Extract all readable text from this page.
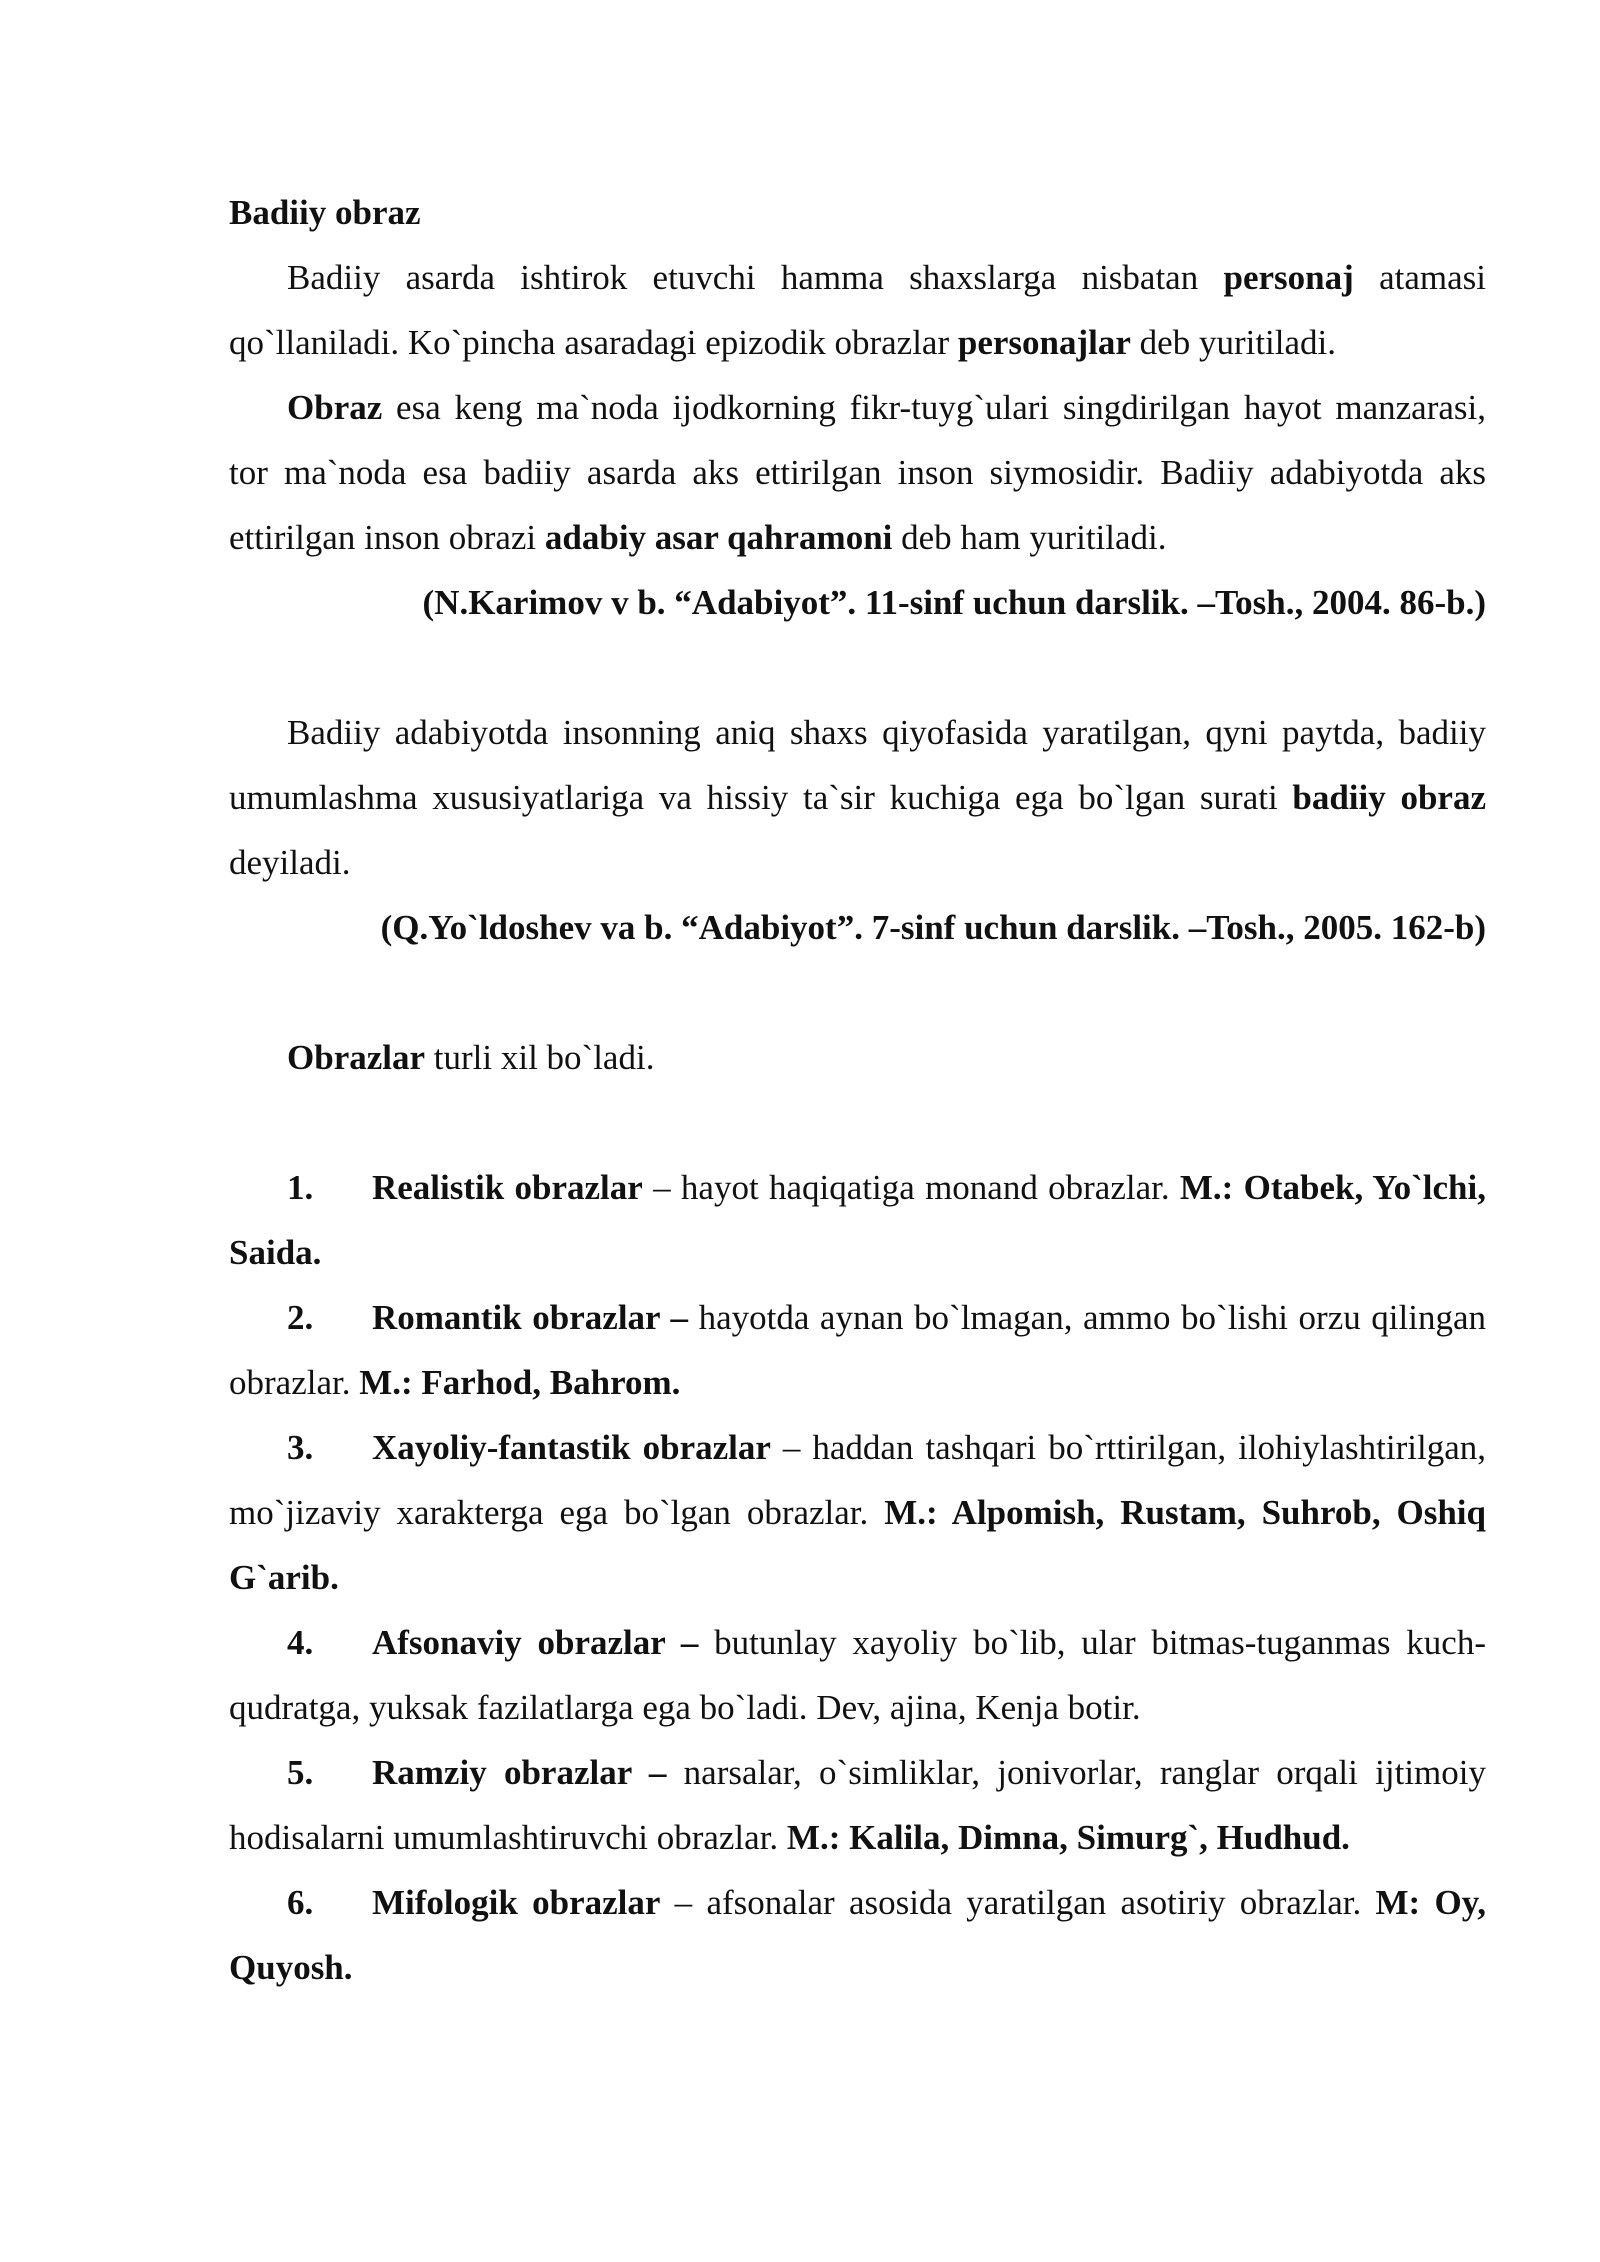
Badiiy obraz

Badiiy asarda ishtirok etuvchi hamma shaxslarga nisbatan personaj atamasi qo`llaniladi. Ko`pincha asaradagi epizodik obrazlar personajlar deb yuritiladi.

Obraz esa keng ma`noda ijodkorning fikr-tuyg`ulari singdirilgan hayot manzarasi, tor ma`noda esa badiiy asarda aks ettirilgan inson siymosidir. Badiiy adabiyotda aks ettirilgan inson obrazi adabiy asar qahramoni deb ham yuritiladi.

(N.Karimov v b. “Adabiyot”. 11-sinf uchun darslik. –Tosh., 2004. 86-b.)

Badiiy adabiyotda insonning aniq shaxs qiyofasida yaratilgan, qyni paytda, badiiy umumlashma xususiyatlariga va hissiy ta`sir kuchiga ega bo`lgan surati badiiy obraz deyiladi.

(Q.Yo`ldoshev va b. “Adabiyot”. 7-sinf uchun darslik. –Tosh., 2005. 162-b)

Obrazlar turli xil bo`ladi.

1. Realistik obrazlar – hayot haqiqatiga monand obrazlar. M.: Otabek, Yo`lchi, Saida.

2. Romantik obrazlar – hayotda aynan bo`lmagan, ammo bo`lishi orzu qilingan obrazlar. M.: Farhod, Bahrom.

3. Xayoliy-fantastik obrazlar – haddan tashqari bo`rttirilgan, ilohiylashtirilgan, mo`jizaviy xarakterga ega bo`lgan obrazlar. M.: Alpomish, Rustam, Suhrob, Oshiq G`arib.

4. Afsonaviy obrazlar – butunlay xayoliy bo`lib, ular bitmas-tuganmas kuch-qudratga, yuksak fazilatlarga ega bo`ladi. Dev, ajina, Kenja botir.

5. Ramziy obrazlar – narsalar, o`simliklar, jonivorlar, ranglar orqali ijtimoiy hodisalarni umumlashtiruvchi obrazlar. M.: Kalila, Dimna, Simurg`, Hudhud.

6. Mifologik obrazlar – afsonalar asosida yaratilgan asotiriy obrazlar. M: Oy, Quyosh.
